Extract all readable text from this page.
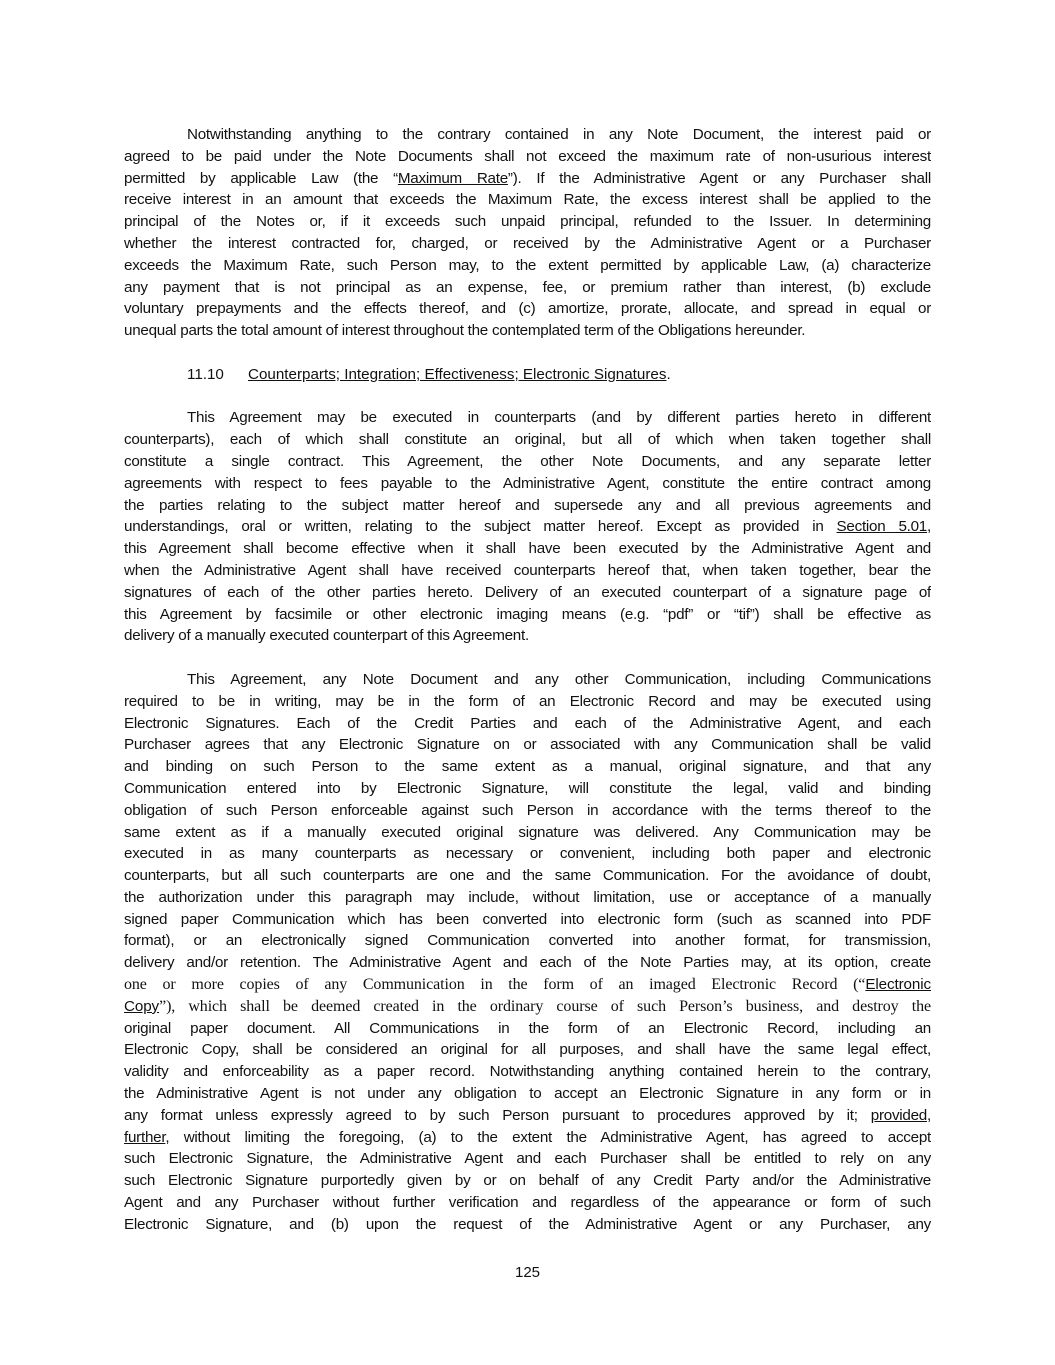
Notwithstanding anything to the contrary contained in any Note Document, the interest paid or
agreed to be paid under the Note Documents shall not exceed the maximum rate of non-usurious interest
permitted by applicable Law (the “Maximum Rate”). If the Administrative Agent or any Purchaser shall
receive interest in an amount that exceeds the Maximum Rate, the excess interest shall be applied to the
principal of the Notes or, if it exceeds such unpaid principal, refunded to the Issuer. In determining
whether the interest contracted for, charged, or received by the Administrative Agent or a Purchaser
exceeds the Maximum Rate, such Person may, to the extent permitted by applicable Law, (a) characterize
any payment that is not principal as an expense, fee, or premium rather than interest, (b) exclude
voluntary prepayments and the effects thereof, and (c) amortize, prorate, allocate, and spread in equal or
unequal parts the total amount of interest throughout the contemplated term of the Obligations hereunder.
11.10 Counterparts; Integration; Effectiveness; Electronic Signatures.
This Agreement may be executed in counterparts (and by different parties hereto in different
counterparts), each of which shall constitute an original, but all of which when taken together shall
constitute a single contract. This Agreement, the other Note Documents, and any separate letter
agreements with respect to fees payable to the Administrative Agent, constitute the entire contract among
the parties relating to the subject matter hereof and supersede any and all previous agreements and
understandings, oral or written, relating to the subject matter hereof. Except as provided in Section 5.01,
this Agreement shall become effective when it shall have been executed by the Administrative Agent and
when the Administrative Agent shall have received counterparts hereof that, when taken together, bear the
signatures of each of the other parties hereto. Delivery of an executed counterpart of a signature page of
this Agreement by facsimile or other electronic imaging means (e.g. “pdf” or “tif”) shall be effective as
delivery of a manually executed counterpart of this Agreement.
This Agreement, any Note Document and any other Communication, including Communications
required to be in writing, may be in the form of an Electronic Record and may be executed using
Electronic Signatures. Each of the Credit Parties and each of the Administrative Agent, and each
Purchaser agrees that any Electronic Signature on or associated with any Communication shall be valid
and binding on such Person to the same extent as a manual, original signature, and that any
Communication entered into by Electronic Signature, will constitute the legal, valid and binding
obligation of such Person enforceable against such Person in accordance with the terms thereof to the
same extent as if a manually executed original signature was delivered. Any Communication may be
executed in as many counterparts as necessary or convenient, including both paper and electronic
counterparts, but all such counterparts are one and the same Communication. For the avoidance of doubt,
the authorization under this paragraph may include, without limitation, use or acceptance of a manually
signed paper Communication which has been converted into electronic form (such as scanned into PDF
format), or an electronically signed Communication converted into another format, for transmission,
delivery and/or retention. The Administrative Agent and each of the Note Parties may, at its option, create
one or more copies of any Communication in the form of an imaged Electronic Record (“Electronic
Copy”), which shall be deemed created in the ordinary course of such Person’s business, and destroy the
original paper document. All Communications in the form of an Electronic Record, including an
Electronic Copy, shall be considered an original for all purposes, and shall have the same legal effect,
validity and enforceability as a paper record. Notwithstanding anything contained herein to the contrary,
the Administrative Agent is not under any obligation to accept an Electronic Signature in any form or in
any format unless expressly agreed to by such Person pursuant to procedures approved by it; provided,
further, without limiting the foregoing, (a) to the extent the Administrative Agent, has agreed to accept
such Electronic Signature, the Administrative Agent and each Purchaser shall be entitled to rely on any
such Electronic Signature purportedly given by or on behalf of any Credit Party and/or the Administrative
Agent and any Purchaser without further verification and regardless of the appearance or form of such
Electronic Signature, and (b) upon the request of the Administrative Agent or any Purchaser, any
125
